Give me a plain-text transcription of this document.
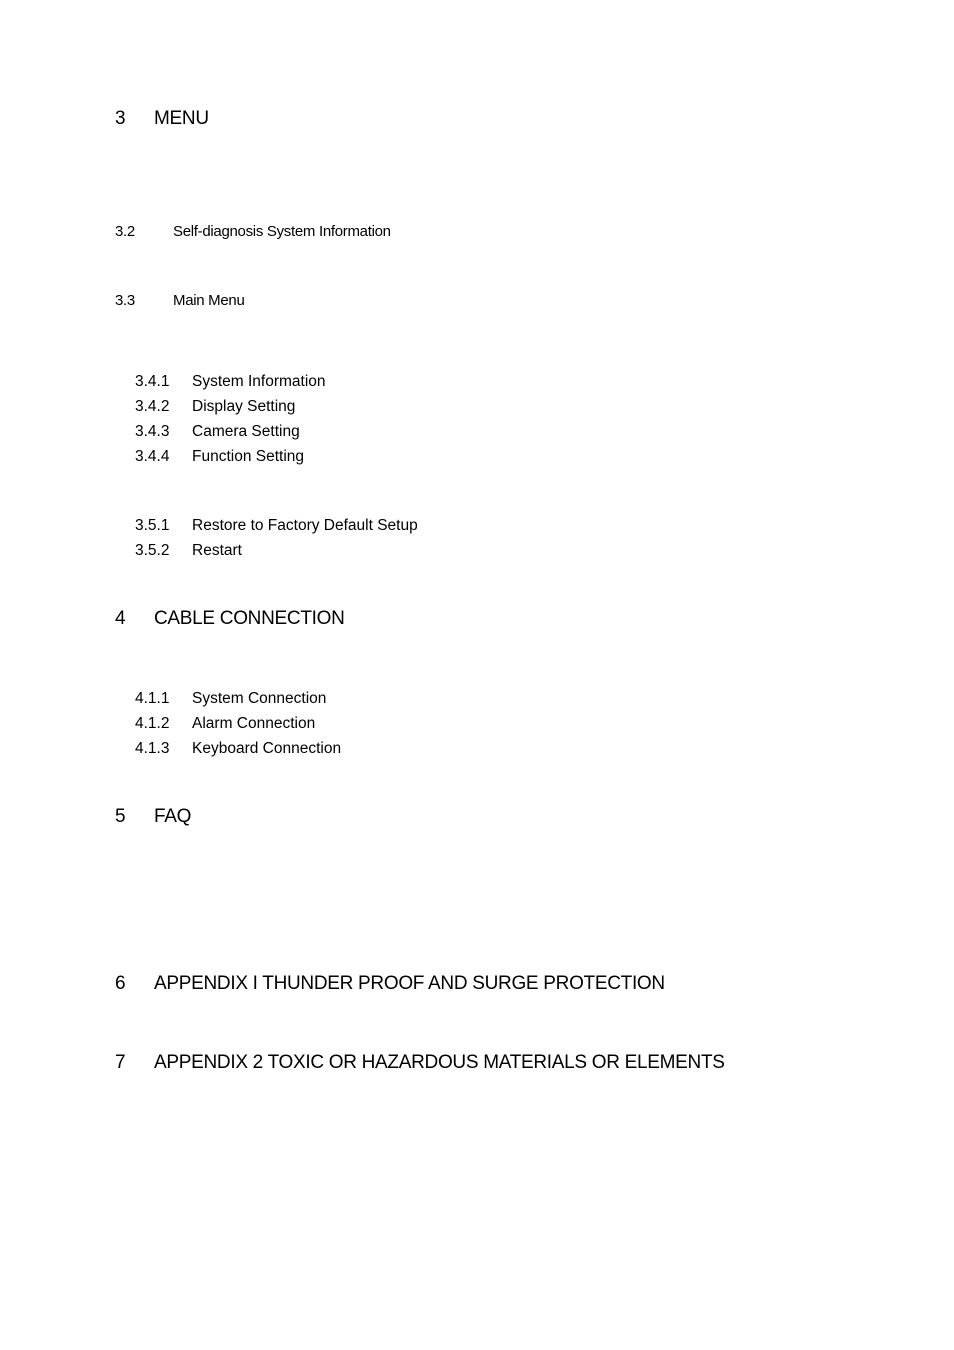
3 MENU
3.2	Self-diagnosis System Information
3.3	Main Menu
3.4.1 System Information
3.4.2 Display Setting
3.4.3 Camera Setting
3.4.4 Function Setting
3.5.1 Restore to Factory Default Setup
3.5.2 Restart
4 CABLE CONNECTION
4.1.1 System Connection
4.1.2 Alarm Connection
4.1.3 Keyboard Connection
5 FAQ
6 APPENDIX I THUNDER PROOF AND SURGE PROTECTION
7 APPENDIX 2 TOXIC OR HAZARDOUS MATERIALS OR ELEMENTS
